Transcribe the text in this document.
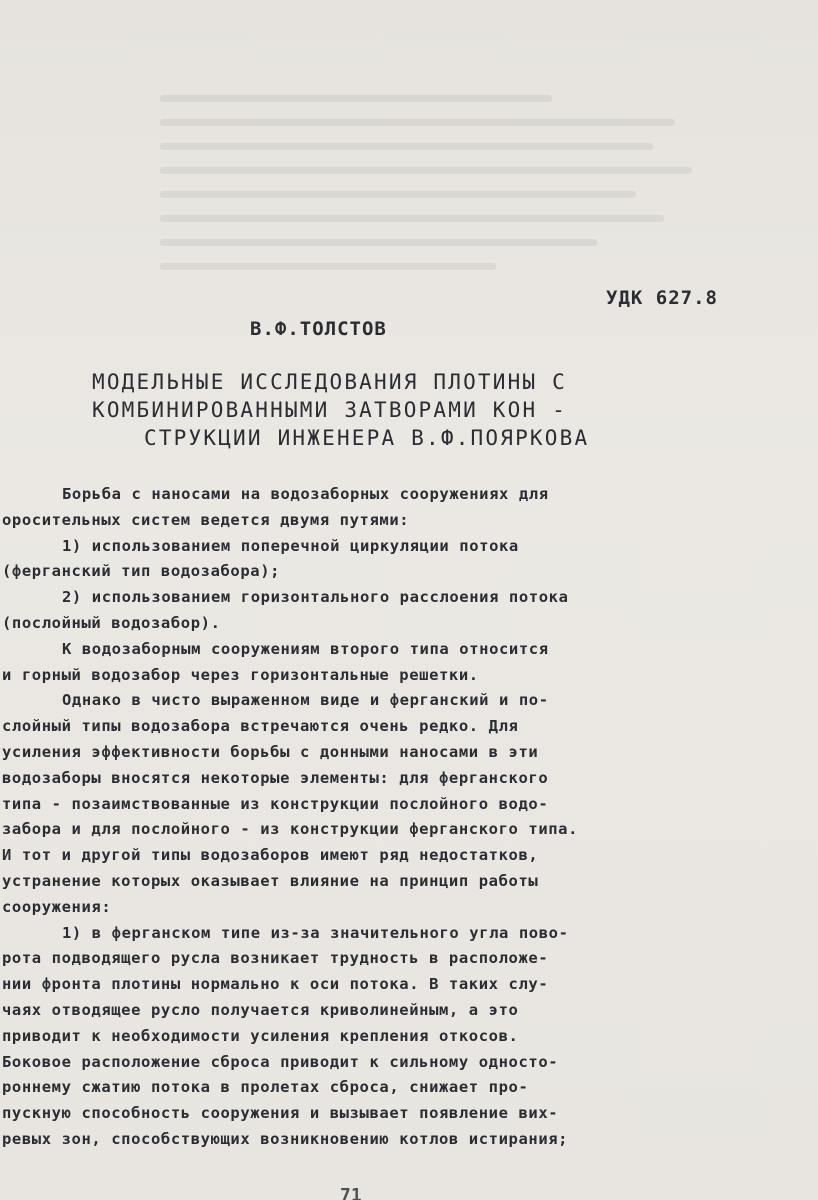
УДК 627.8

В.Ф.ТОЛСТОВ

МОДЕЛЬНЫЕ ИССЛЕДОВАНИЯ ПЛОТИНЫ С
КОМБИНИРОВАННЫМИ ЗАТВОРАМИ КОН -
СТРУКЦИИ ИНЖЕНЕРА В.Ф.ПОЯРКОВА
Борьба с наносами на водозаборных сооружениях для
оросительных систем ведется двумя путями:
1) использованием поперечной циркуляции потока
(ферганский тип водозабора);
2) использованием горизонтального расслоения потока
(послойный водозабор).
К водозаборным сооружениям второго типа относится
и горный водозабор через горизонтальные решетки.
Однако в чисто выраженном виде и ферганский и по-
слойный типы водозабора встречаются очень редко. Для
усиления эффективности борьбы с донными наносами в эти
водозаборы вносятся некоторые элементы: для ферганского
типа - позаимствованные из конструкции послойного водо-
забора и для послойного - из конструкции ферганского типа.
И тот и другой типы водозаборов имеют ряд недостатков,
устранение которых оказывает влияние на принцип работы
сооружения:
1) в ферганском типе из-за значительного угла пово-
рота подводящего русла возникает трудность в расположе-
нии фронта плотины нормально к оси потока. В таких слу-
чаях отводящее русло получается криволинейным, а это
приводит к необходимости усиления крепления откосов.
Боковое расположение сброса приводит к сильному односто-
роннему сжатию потока в пролетах сброса, снижает про-
пускную способность сооружения и вызывает появление вих-
ревых зон, способствующих возникновению котлов истирания;

71
